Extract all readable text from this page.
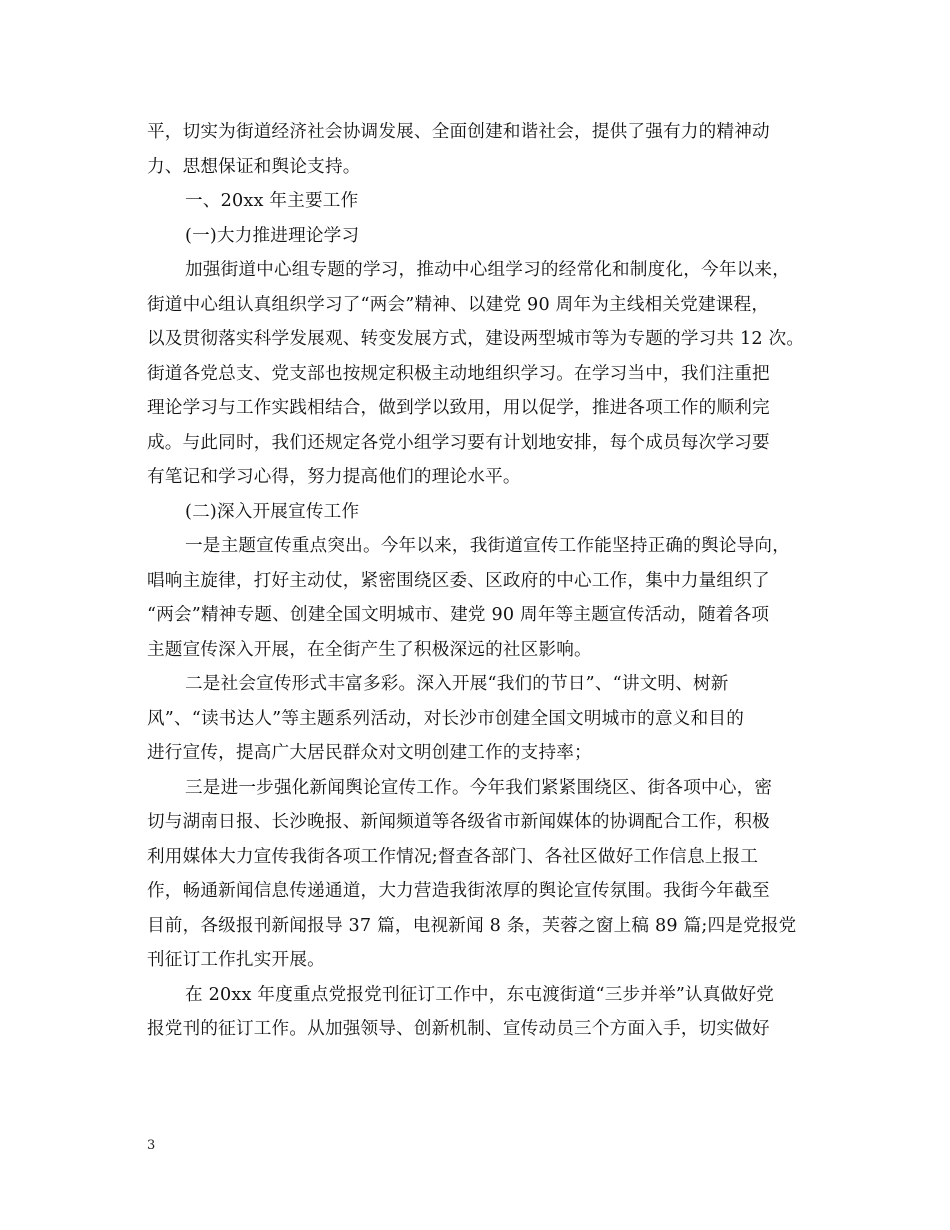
平，切实为街道经济社会协调发展、全面创建和谐社会，提供了强有力的精神动
力、思想保证和舆论支持。
一、20xx 年主要工作
(一)大力推进理论学习
加强街道中心组专题的学习，推动中心组学习的经常化和制度化，今年以来，
街道中心组认真组织学习了“两会”精神、以建党 90 周年为主线相关党建课程，
以及贯彻落实科学发展观、转变发展方式，建设两型城市等为专题的学习共 12 次。
街道各党总支、党支部也按规定积极主动地组织学习。在学习当中，我们注重把
理论学习与工作实践相结合，做到学以致用，用以促学，推进各项工作的顺利完
成。与此同时，我们还规定各党小组学习要有计划地安排，每个成员每次学习要
有笔记和学习心得，努力提高他们的理论水平。
(二)深入开展宣传工作
一是主题宣传重点突出。今年以来，我街道宣传工作能坚持正确的舆论导向，
唱响主旋律，打好主动仗，紧密围绕区委、区政府的中心工作，集中力量组织了
“两会”精神专题、创建全国文明城市、建党 90 周年等主题宣传活动，随着各项
主题宣传深入开展，在全街产生了积极深远的社区影响。
二是社会宣传形式丰富多彩。深入开展“我们的节日”、“讲文明、树新
风”、“读书达人”等主题系列活动，对长沙市创建全国文明城市的意义和目的
进行宣传，提高广大居民群众对文明创建工作的支持率；
三是进一步强化新闻舆论宣传工作。今年我们紧紧围绕区、街各项中心，密
切与湖南日报、长沙晚报、新闻频道等各级省市新闻媒体的协调配合工作，积极
利用媒体大力宣传我街各项工作情况;督查各部门、各社区做好工作信息上报工
作，畅通新闻信息传递通道，大力营造我街浓厚的舆论宣传氛围。我街今年截至
目前，各级报刊新闻报导 37 篇，电视新闻 8 条，芙蓉之窗上稿 89 篇;四是党报党
刊征订工作扎实开展。
在 20xx 年度重点党报党刊征订工作中，东屯渡街道“三步并举”认真做好党
报党刊的征订工作。从加强领导、创新机制、宣传动员三个方面入手，切实做好
3
